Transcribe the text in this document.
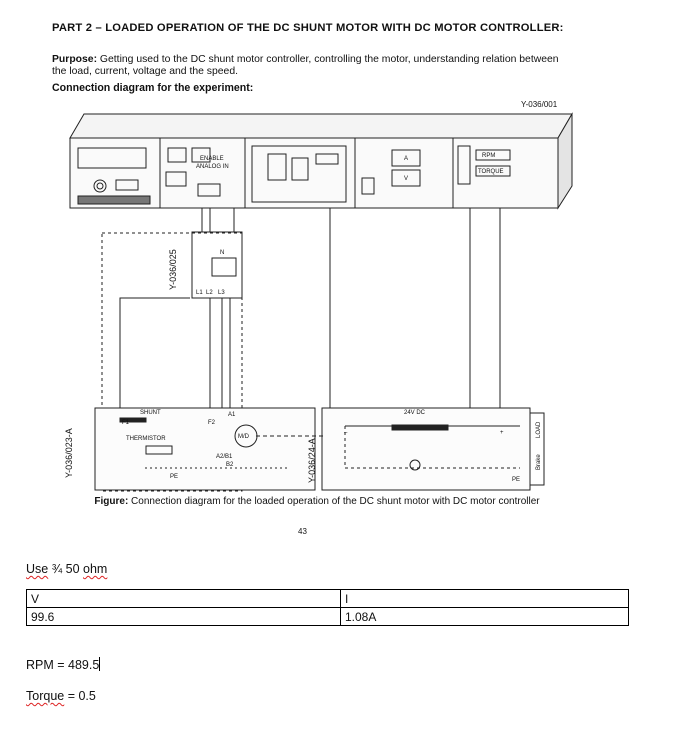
PART 2 – LOADED OPERATION OF THE DC SHUNT MOTOR WITH DC MOTOR CONTROLLER:
Purpose: Getting used to the DC shunt motor controller, controlling the motor, understanding relation between the load, current, voltage and the speed.
Connection diagram for the experiment:
Y-036/001
Y-036/025
Y-036/023-A	Y-036/24-A
SHUNT
F1	F2
THERMISTOR
A1
M/D
A2/B1
B2
PE
24V DC
+
–
PE
N
L1 L2 L3
ENABLE
ANALOG IN
RPM
TORQUE
A
V
LOAD
Brake
Figure: Connection diagram for the loaded operation of the DC shunt motor with DC motor controller
43
Use ¾ 50 ohm
V	I
99.6	1.08A
RPM = 489.5
Torque = 0.5
